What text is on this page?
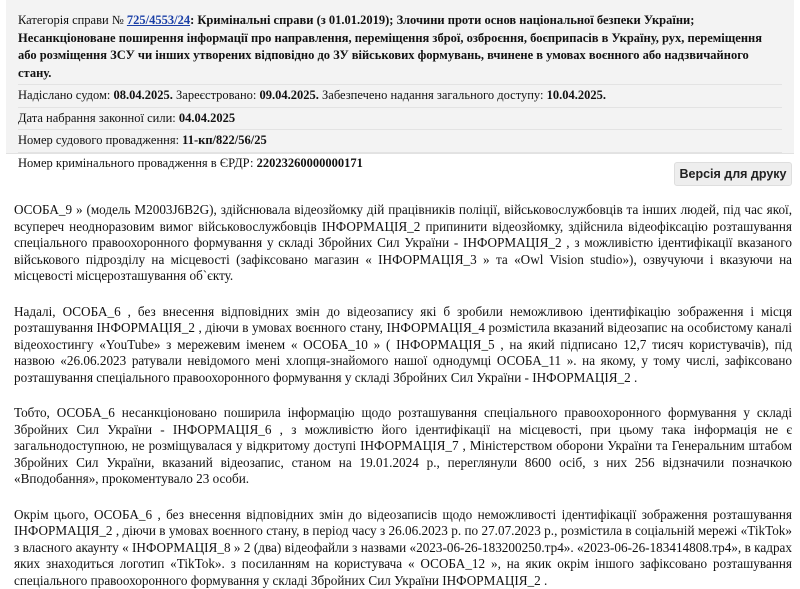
Категорія справи № 725/4553/24: Кримінальні справи (з 01.01.2019); Злочини проти основ національної безпеки України; Несанкціоноване поширення інформації про направлення, переміщення зброї, озброєння, боєприпасів в Україну, рух, переміщення або розміщення ЗСУ чи інших утворених відповідно до ЗУ військових формувань, вчинене в умовах воєнного або надзвичайного стану.
Надіслано судом: 08.04.2025. Зареєстровано: 09.04.2025. Забезпечено надання загального доступу: 10.04.2025.
Дата набрання законної сили: 04.04.2025
Номер судового провадження: 11-кп/822/56/25
Номер кримінального провадження в ЄРДР: 22023260000000171
Версія для друку

ОСОБА_9 » (модель M2003J6B2G), здійснювала відеозйомку дій працівників поліції, військовослужбовців та інших людей, під час якої, всупереч неодноразовим вимог військовослужбовців ІНФОРМАЦІЯ_2 припинити відеозйомку, здійснила відеофіксацію розташування спеціального правоохоронного формування у складі Збройних Сил України - ІНФОРМАЦІЯ_2 , з можливістю ідентифікації вказаного військового підрозділу на місцевості (зафіксовано магазин « ІНФОРМАЦІЯ_3 » та «Owl Vision studio»), озвучуючи і вказуючи на місцевості місцерозташування об`єкту.

Надалі, ОСОБА_6 , без внесення відповідних змін до відеозапису які б зробили неможливою ідентифікацію зображення і місця розташування ІНФОРМАЦІЯ_2 , діючи в умовах воєнного стану, ІНФОРМАЦІЯ_4 розмістила вказаний відеозапис на особистому каналі відеохостингу «YouTube» з мережевим іменем « ОСОБА_10 » ( ІНФОРМАЦІЯ_5 , на який підписано 12,7 тисяч користувачів), під назвою «26.06.2023 ратували невідомого мені хлопця-знайомого нашої однодумці ОСОБА_11 ». на якому, у тому числі, зафіксовано розташування спеціального правоохоронного формування у складі Збройних Сил України - ІНФОРМАЦІЯ_2 .

Тобто, ОСОБА_6 несанкціоновано поширила інформацію щодо розташування спеціального правоохоронного формування у складі Збройних Сил України - ІНФОРМАЦІЯ_6 , з можливістю його ідентифікації на місцевості, при цьому така інформація не є загальнодоступною, не розміщувалася у відкритому доступі ІНФОРМАЦІЯ_7 , Міністерством оборони України та Генеральним штабом Збройних Сил України, вказаний відеозапис, станом на 19.01.2024 р., переглянули 8600 осіб, з них 256 відзначили позначкою «Вподобання», прокоментувало 23 особи.

Окрім цього, ОСОБА_6 , без внесення відповідних змін до відеозаписів щодо неможливості ідентифікації зображення розташування ІНФОРМАЦІЯ_2 , діючи в умовах воєнного стану, в період часу з 26.06.2023 р. по 27.07.2023 р., розмістила в соціальній мережі «TikTok» з власного акаунту « ІНФОРМАЦІЯ_8 » 2 (два) відеофайли з назвами «2023-06-26-183200250.тр4». «2023-06-26-183414808.тр4», в кадрах яких знаходиться логотип «TikTok». з посиланням на користувача « ОСОБА_12 », на якик окрім іншого зафіксовано розташування спеціального правоохоронного формування у складі Збройних Сил України ІНФОРМАЦІЯ_2 .
